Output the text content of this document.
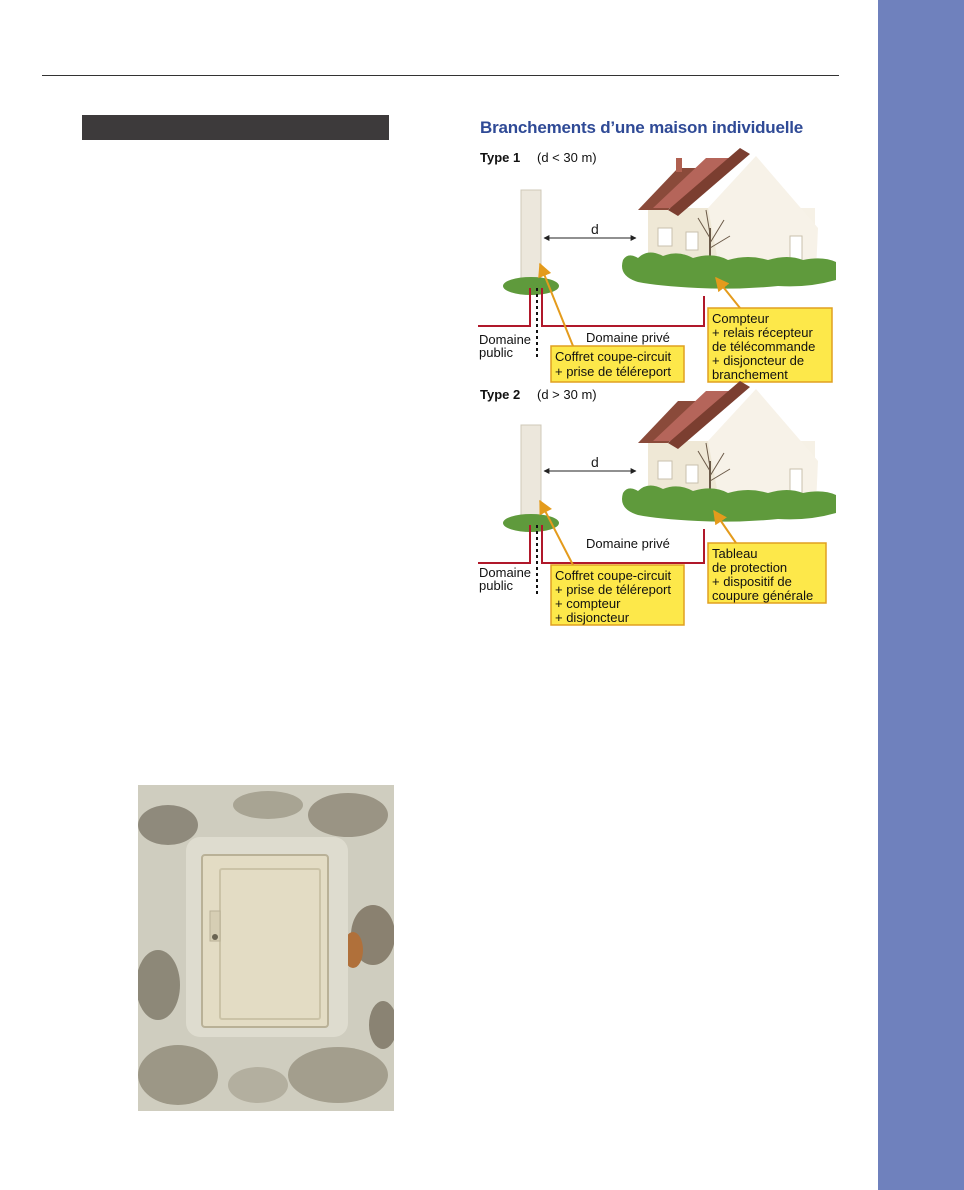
Branchements d’une maison individuelle
Type 1 (d < 30 m)
d
Domaine privé
Domaine
public	Coffret coupe-circuit
+ prise de téléreport
Compteur
+ relais récepteur
de télécommande
+ disjoncteur de
branchement
Type 2 (d > 30 m)
d
Domaine privé
Domaine
public
Coffret coupe-circuit
+ prise de téléreport
+ compteur
+ disjoncteur
Tableau
de protection
+ dispositif de
coupure générale
